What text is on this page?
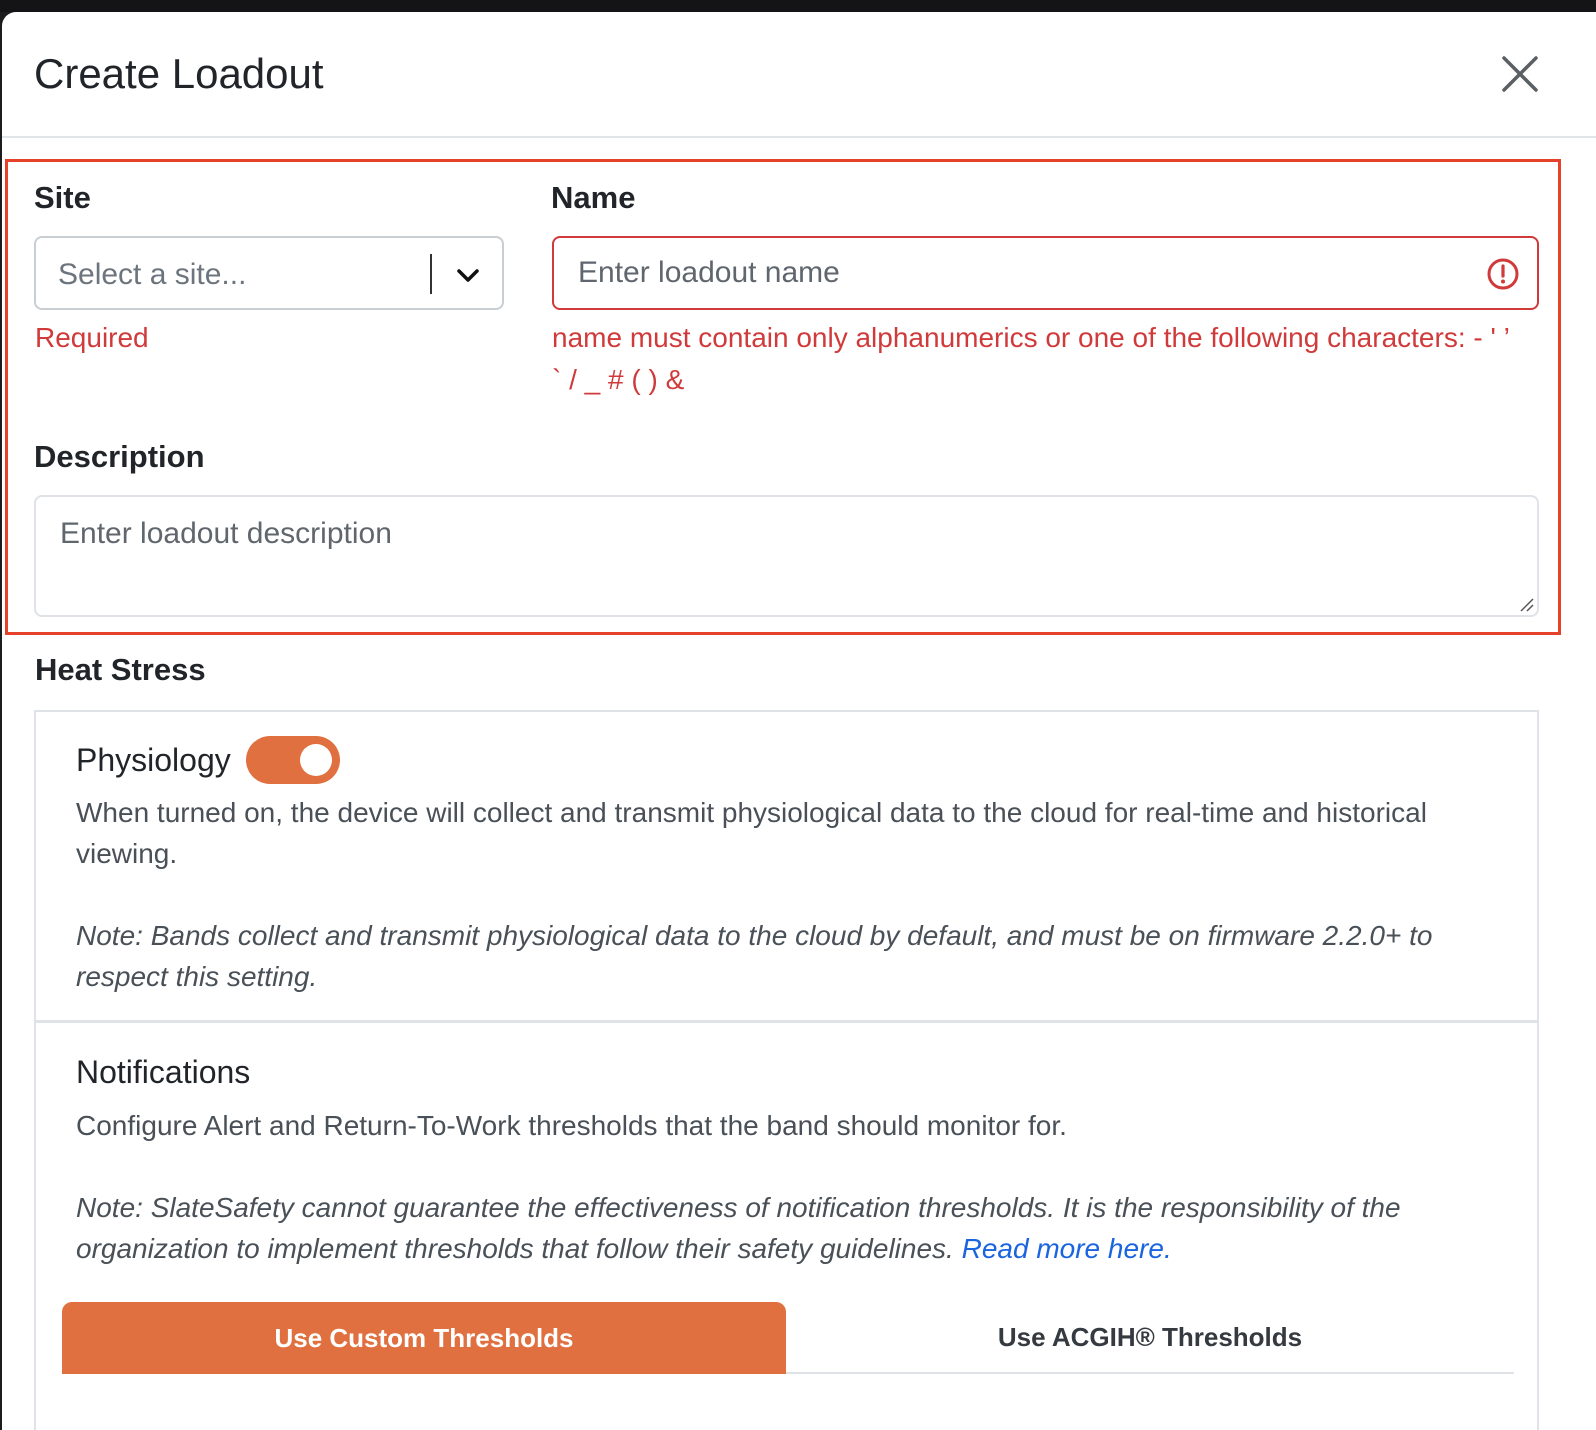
Create Loadout
Site	Name
Select a site...
Enter loadout name
Required	name must contain only alphanumerics or one of the following characters: - ' ’
` / _ # ( ) &
Description
Enter loadout description
Heat Stress
Physiology
When turned on, the device will collect and transmit physiological data to the cloud for real-time and historical viewing.
Note: Bands collect and transmit physiological data to the cloud by default, and must be on firmware 2.2.0+ to respect this setting.
Notifications
Configure Alert and Return-To-Work thresholds that the band should monitor for.
Note: SlateSafety cannot guarantee the effectiveness of notification thresholds. It is the responsibility of the organization to implement thresholds that follow their safety guidelines. Read more here.
Use Custom Thresholds	Use ACGIH® Thresholds
